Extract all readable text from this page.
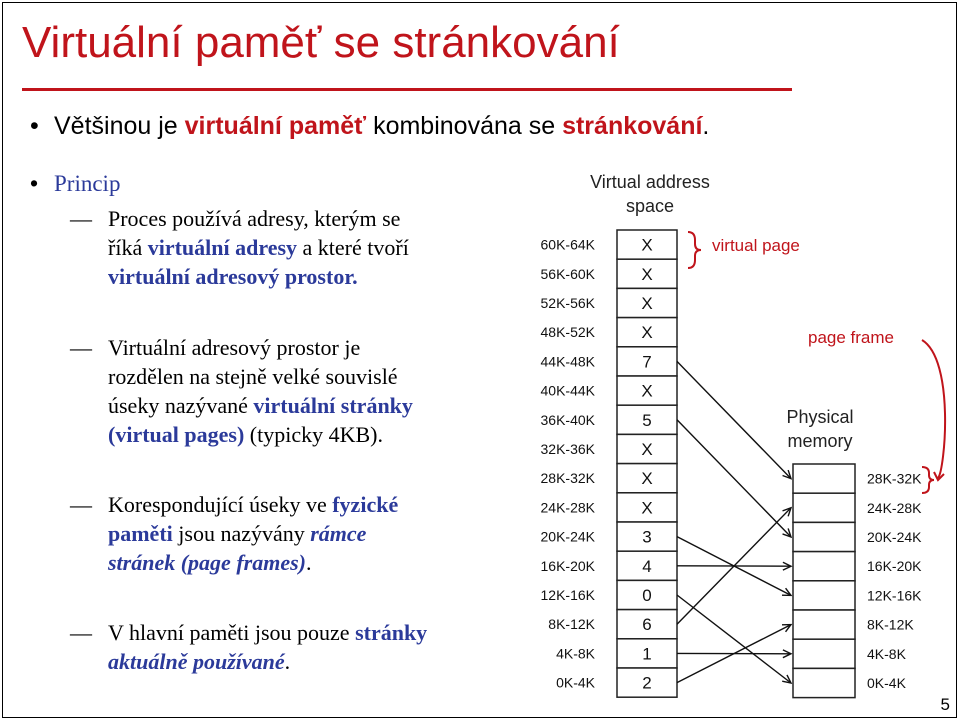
Virtuální paměť se stránkování
• Většinou je virtuální paměť kombinována se stránkování.
• Princip
— Proces používá adresy, kterým se
říká virtuální adresy a které tvoří
virtuální adresový prostor.
— Virtuální adresový prostor je
rozdělen na stejně velké souvislé
úseky nazývané virtuální stránky
(virtual pages) (typicky 4KB).
— Korespondující úseky ve fyzické
paměti jsou nazývány rámce
stránek (page frames).
— V hlavní paměti jsou pouze stránky
aktuálně používané.
Virtual address
space
X
60K-64K
X
56K-60K
X
52K-56K
X
48K-52K
7
44K-48K
X
40K-44K
5
36K-40K
X
32K-36K
X
28K-32K
X
24K-28K
3
20K-24K
4
16K-20K
0
12K-16K
6
8K-12K
1
4K-8K
2
0K-4K
28K-32K
24K-28K
20K-24K
16K-20K
12K-16K
8K-12K
4K-8K
0K-4K
virtual page
page frame
Physical
memory
5
